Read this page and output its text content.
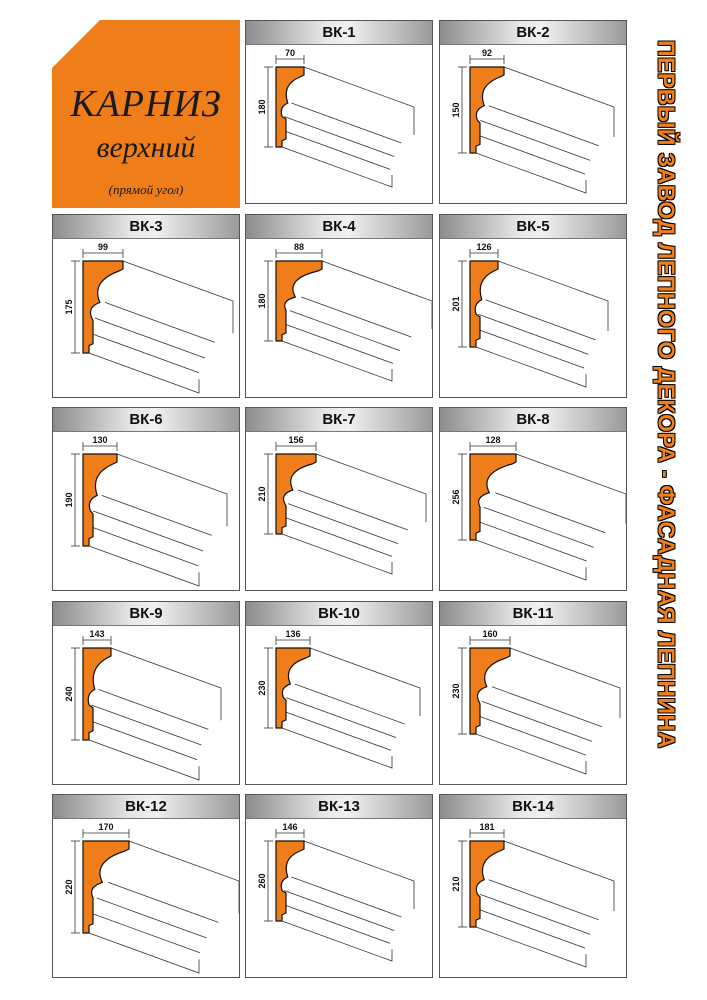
КАРНИЗ
верхний
(прямой угол)
ВК-1
70
180
ВК-2
92
150
ВК-3
99
175
ВК-4
88
180
ВК-5
126
201
ВК-6
130
190
ВК-7
156
210
ВК-8
128
256
ВК-9
143
240
ВК-10
136
230
ВК-11
160
230
ВК-12
170
220
ВК-13
146
260
ВК-14
181
210
ПЕРВЫЙ ЗАВОД ЛЕПНОГО ДЕКОРА - ФАСАДНАЯ ЛЕПНИНА
